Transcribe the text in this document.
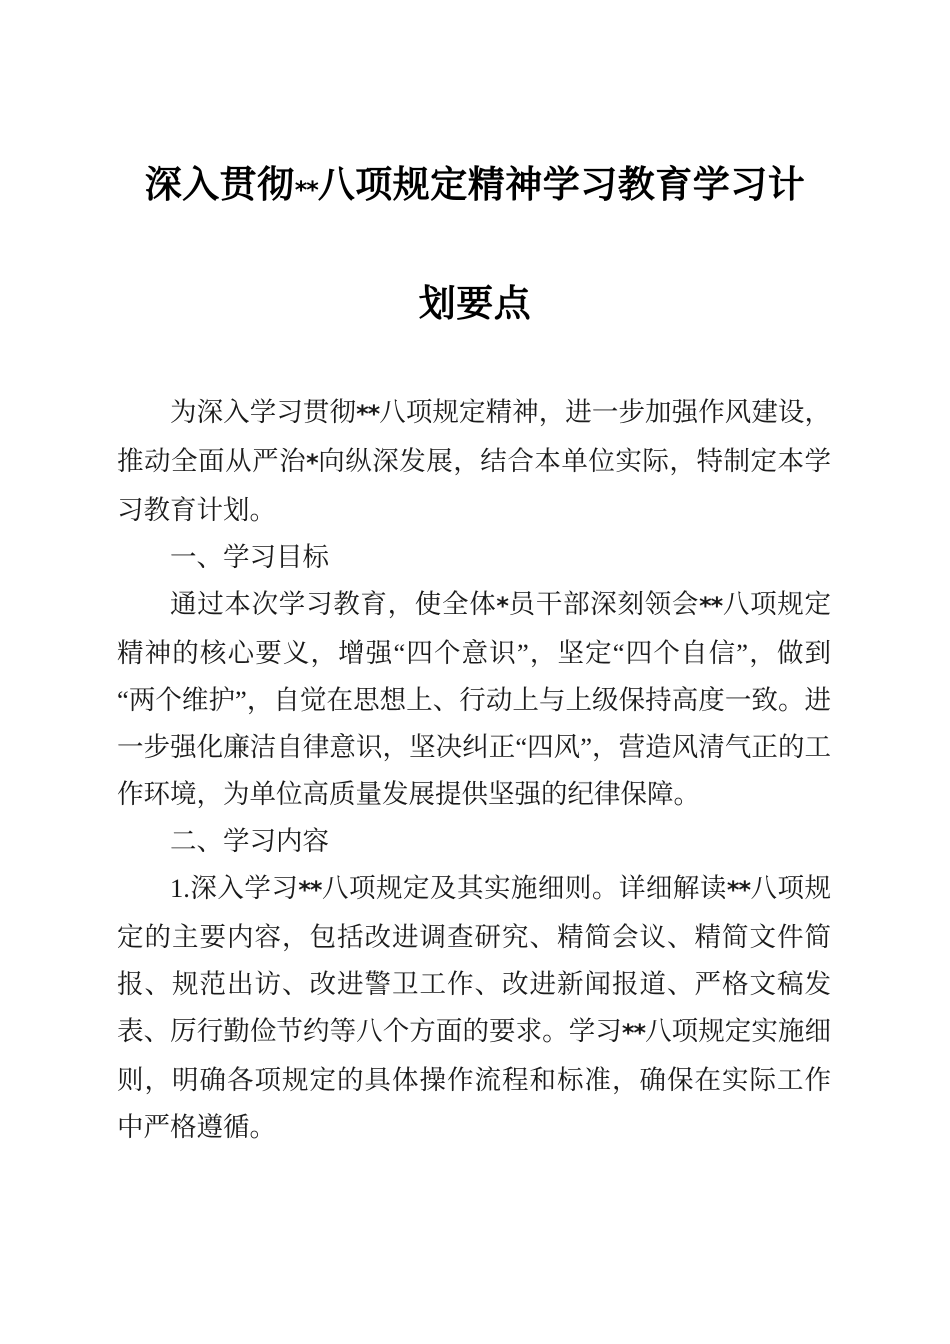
深入贯彻**八项规定精神学习教育学习计
划要点

为深入学习贯彻**八项规定精神，进一步加强作风建设，推动全面从严治*向纵深发展，结合本单位实际，特制定本学习教育计划。

一、学习目标

通过本次学习教育，使全体*员干部深刻领会**八项规定精神的核心要义，增强“四个意识”，坚定“四个自信”，做到“两个维护”，自觉在思想上、行动上与上级保持高度一致。进一步强化廉洁自律意识，坚决纠正“四风”，营造风清气正的工作环境，为单位高质量发展提供坚强的纪律保障。

二、学习内容

1.深入学习**八项规定及其实施细则。详细解读**八项规定的主要内容，包括改进调查研究、精简会议、精简文件简报、规范出访、改进警卫工作、改进新闻报道、严格文稿发表、厉行勤俭节约等八个方面的要求。学习**八项规定实施细则，明确各项规定的具体操作流程和标准，确保在实际工作中严格遵循。
